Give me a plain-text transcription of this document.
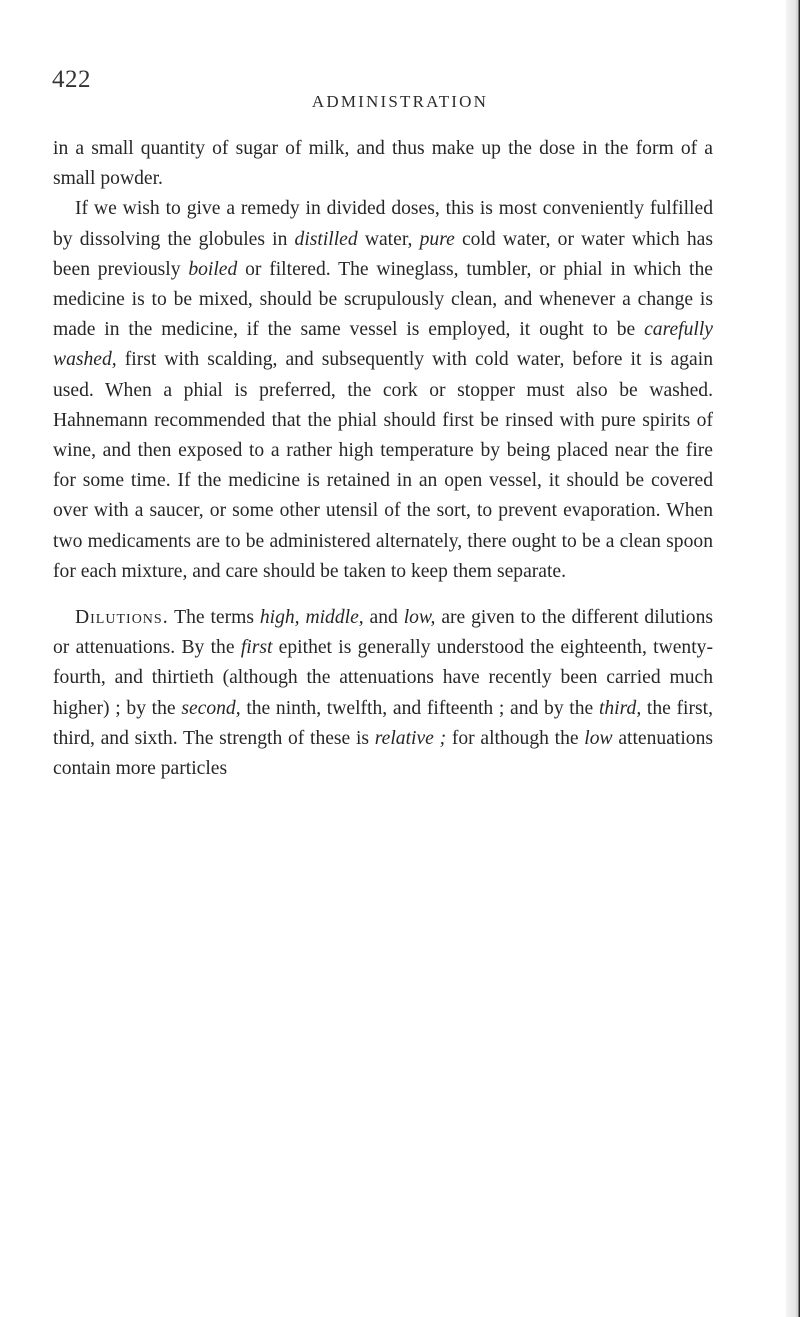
422
ADMINISTRATION

in a small quantity of sugar of milk, and thus make up the dose in the form of a small powder.

If we wish to give a remedy in divided doses, this is most conveniently fulfilled by dissolving the globules in distilled water, pure cold water, or water which has been previously boiled or filtered. The wineglass, tumbler, or phial in which the medicine is to be mixed, should be scrupulously clean, and whenever a change is made in the medicine, if the same vessel is employed, it ought to be carefully washed, first with scalding, and subsequently with cold water, before it is again used. When a phial is preferred, the cork or stopper must also be washed. Hahnemann recommended that the phial should first be rinsed with pure spirits of wine, and then exposed to a rather high temperature by being placed near the fire for some time. If the medicine is retained in an open vessel, it should be covered over with a saucer, or some other utensil of the sort, to prevent evaporation. When two medicaments are to be administered alternately, there ought to be a clean spoon for each mixture, and care should be taken to keep them separate.

Dilutions. The terms high, middle, and low, are given to the different dilutions or attenuations. By the first epithet is generally understood the eighteenth, twenty-fourth, and thirtieth (although the attenuations have recently been carried much higher) ; by the second, the ninth, twelfth, and fifteenth ; and by the third, the first, third, and sixth. The strength of these is relative ; for although the low attenuations contain more particles
